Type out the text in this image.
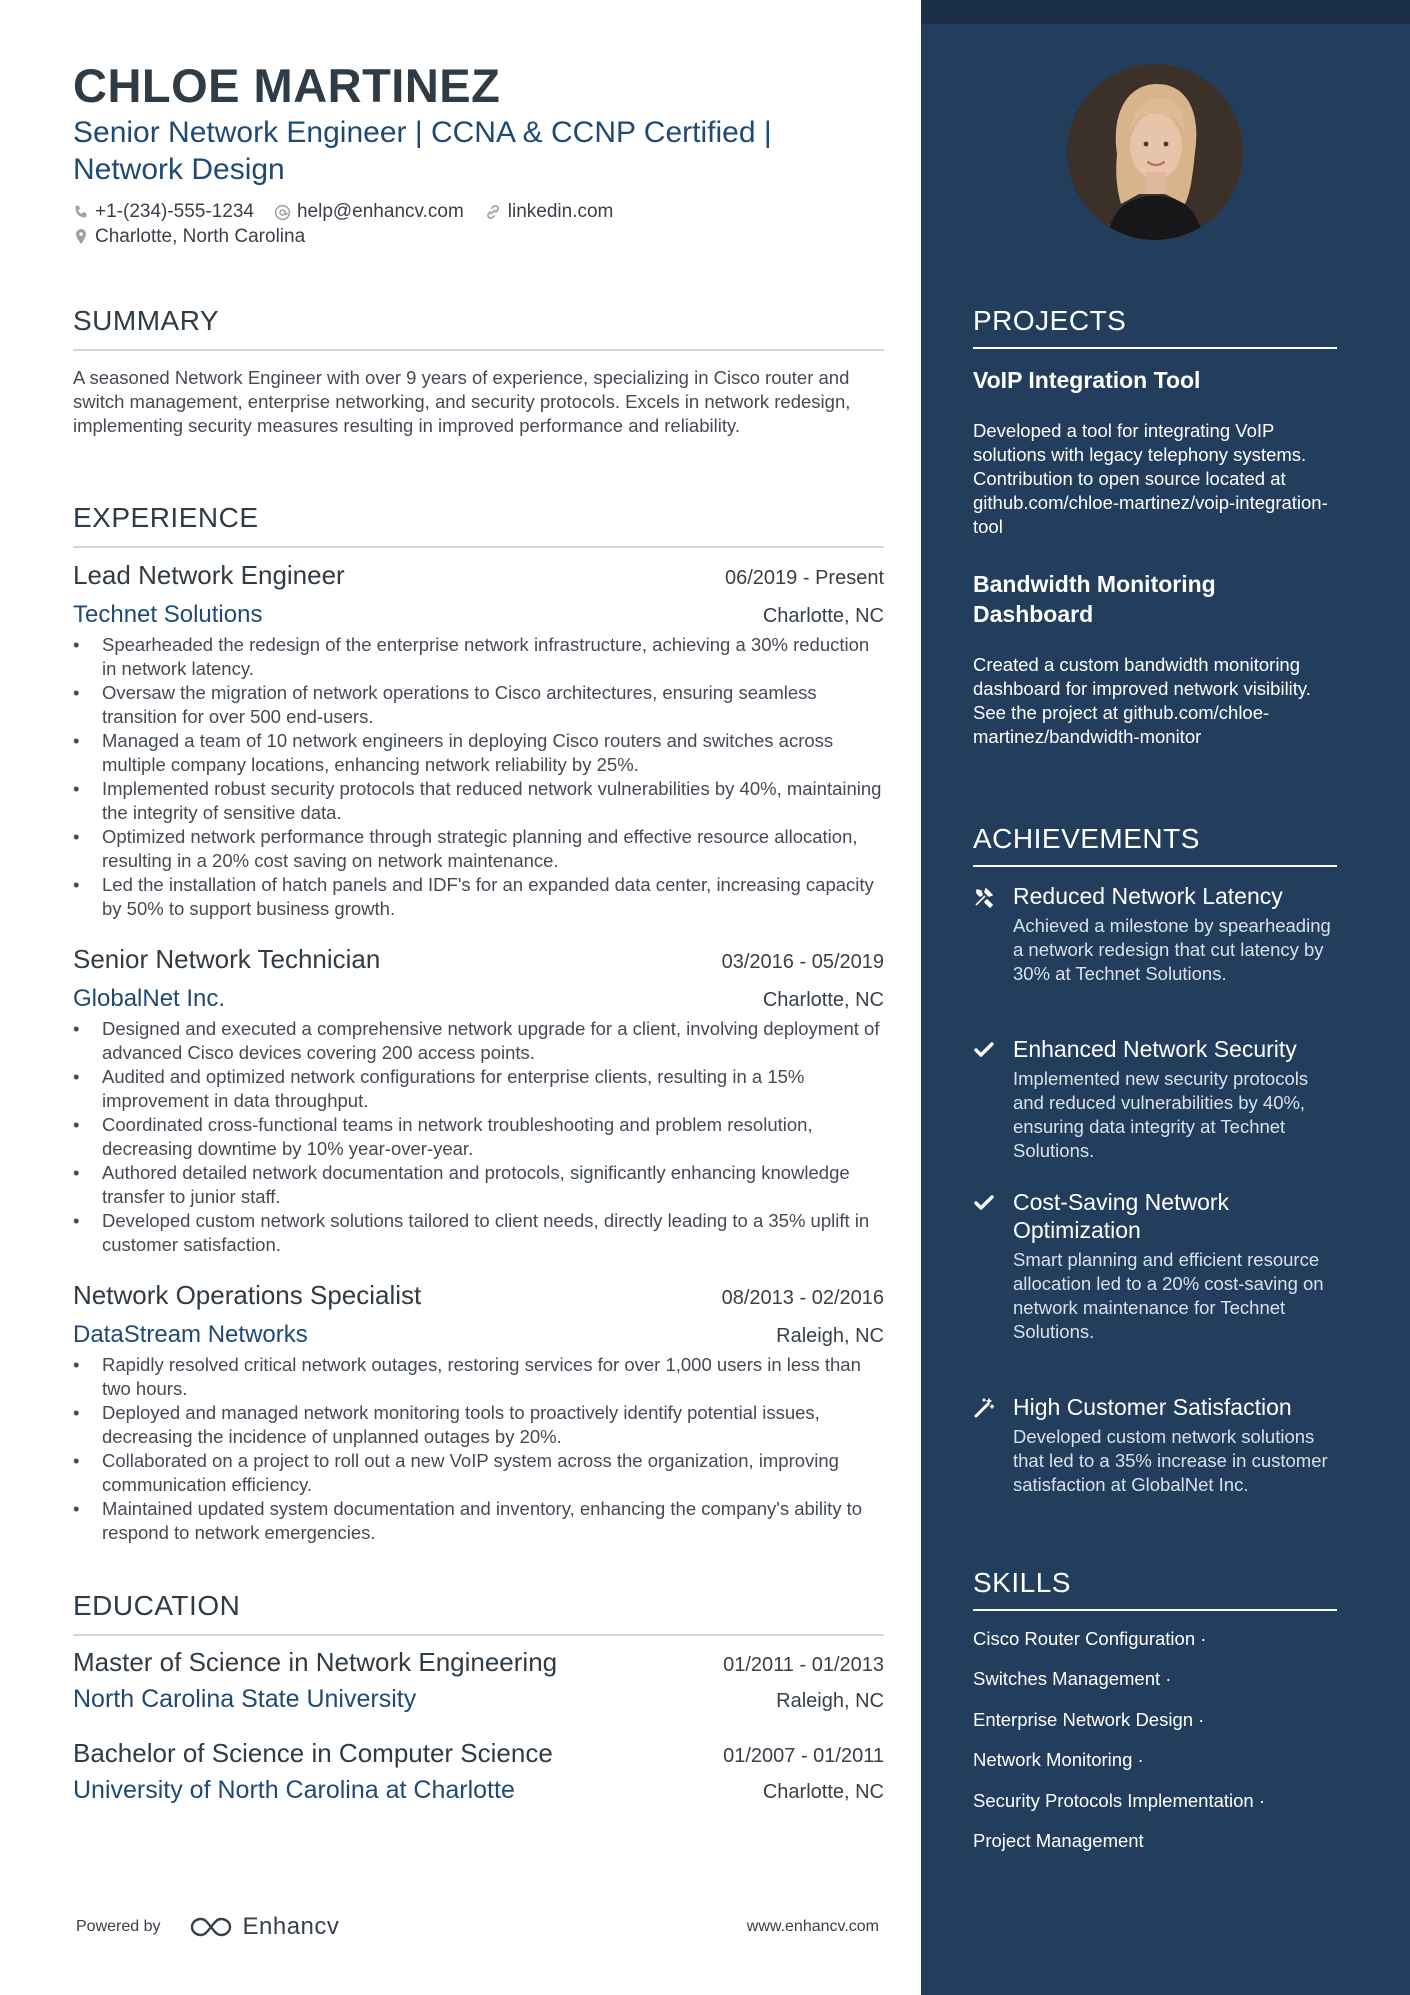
CHLOE MARTINEZ
Senior Network Engineer | CCNA & CCNP Certified | Network Design
+1-(234)-555-1234 help@enhancv.com linkedin.com
Charlotte, North Carolina
SUMMARY
A seasoned Network Engineer with over 9 years of experience, specializing in Cisco router and switch management, enterprise networking, and security protocols. Excels in network redesign, implementing security measures resulting in improved performance and reliability.
EXPERIENCE
Lead Network Engineer	06/2019 - Present
Technet Solutions	Charlotte, NC
• Spearheaded the redesign of the enterprise network infrastructure, achieving a 30% reduction in network latency.
• Oversaw the migration of network operations to Cisco architectures, ensuring seamless transition for over 500 end-users.
• Managed a team of 10 network engineers in deploying Cisco routers and switches across multiple company locations, enhancing network reliability by 25%.
• Implemented robust security protocols that reduced network vulnerabilities by 40%, maintaining the integrity of sensitive data.
• Optimized network performance through strategic planning and effective resource allocation, resulting in a 20% cost saving on network maintenance.
• Led the installation of hatch panels and IDF's for an expanded data center, increasing capacity by 50% to support business growth.
Senior Network Technician	03/2016 - 05/2019
GlobalNet Inc.	Charlotte, NC
• Designed and executed a comprehensive network upgrade for a client, involving deployment of advanced Cisco devices covering 200 access points.
• Audited and optimized network configurations for enterprise clients, resulting in a 15% improvement in data throughput.
• Coordinated cross-functional teams in network troubleshooting and problem resolution, decreasing downtime by 10% year-over-year.
• Authored detailed network documentation and protocols, significantly enhancing knowledge transfer to junior staff.
• Developed custom network solutions tailored to client needs, directly leading to a 35% uplift in customer satisfaction.
Network Operations Specialist	08/2013 - 02/2016
DataStream Networks	Raleigh, NC
• Rapidly resolved critical network outages, restoring services for over 1,000 users in less than two hours.
• Deployed and managed network monitoring tools to proactively identify potential issues, decreasing the incidence of unplanned outages by 20%.
• Collaborated on a project to roll out a new VoIP system across the organization, improving communication efficiency.
• Maintained updated system documentation and inventory, enhancing the company's ability to respond to network emergencies.
EDUCATION
Master of Science in Network Engineering	01/2011 - 01/2013
North Carolina State University	Raleigh, NC
Bachelor of Science in Computer Science	01/2007 - 01/2011
University of North Carolina at Charlotte	Charlotte, NC
Powered by	Enhancv	www.enhancv.com
PROJECTS
VoIP Integration Tool
Developed a tool for integrating VoIP solutions with legacy telephony systems. Contribution to open source located at github.com/chloe-martinez/voip-integration-tool
Bandwidth Monitoring Dashboard
Created a custom bandwidth monitoring dashboard for improved network visibility. See the project at github.com/chloe-martinez/bandwidth-monitor
ACHIEVEMENTS
Reduced Network Latency
Achieved a milestone by spearheading a network redesign that cut latency by 30% at Technet Solutions.
Enhanced Network Security
Implemented new security protocols and reduced vulnerabilities by 40%, ensuring data integrity at Technet Solutions.
Cost-Saving Network Optimization
Smart planning and efficient resource allocation led to a 20% cost-saving on network maintenance for Technet Solutions.
High Customer Satisfaction
Developed custom network solutions that led to a 35% increase in customer satisfaction at GlobalNet Inc.
SKILLS
Cisco Router Configuration ·
Switches Management ·
Enterprise Network Design ·
Network Monitoring ·
Security Protocols Implementation ·
Project Management
